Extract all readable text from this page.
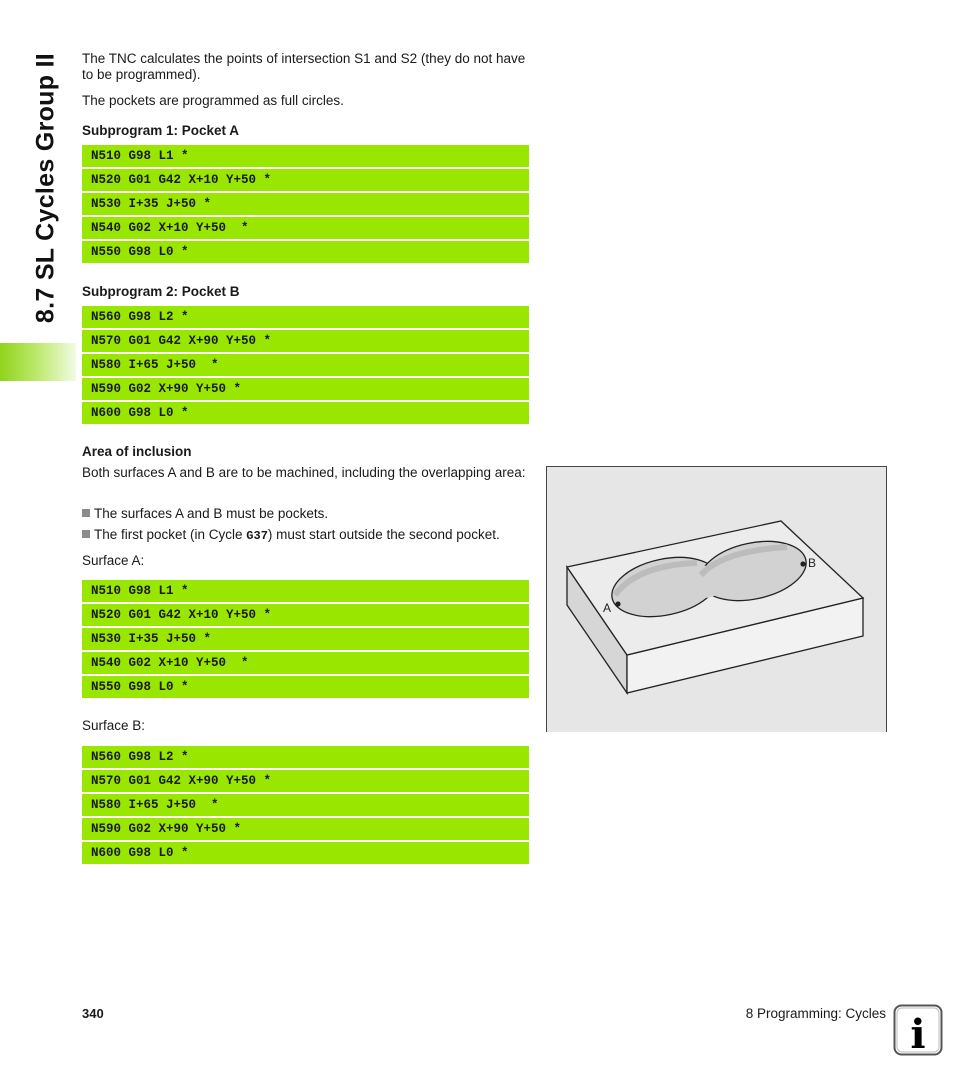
8.7 SL Cycles Group II The TNC calculates the points of intersection S1 and S2 (they do not have to be programmed).
The pockets are programmed as full circles.
Subprogram 1: Pocket A
N510 G98 L1 *
N520 G01 G42 X+10 Y+50 *
N530 I+35 J+50 *
N540 G02 X+10 Y+50  *
N550 G98 L0 *
Subprogram 2: Pocket B
N560 G98 L2 *
N570 G01 G42 X+90 Y+50 *
N580 I+65 J+50  *
N590 G02 X+90 Y+50 *
N600 G98 L0 *
Area of inclusion
Both surfaces A and B are to be machined, including the overlapping area:
The surfaces A and B must be pockets.
The first pocket (in Cycle G37) must start outside the second pocket.
Surface A:
N510 G98 L1 *
N520 G01 G42 X+10 Y+50 *
N530 I+35 J+50 *
N540 G02 X+10 Y+50  *
N550 G98 L0 *
Surface B:
N560 G98 L2 *
N570 G01 G42 X+90 Y+50 *
N580 I+65 J+50  *
N590 G02 X+90 Y+50 *
N600 G98 L0 *
A
B
340	8 Programming: Cycles i
